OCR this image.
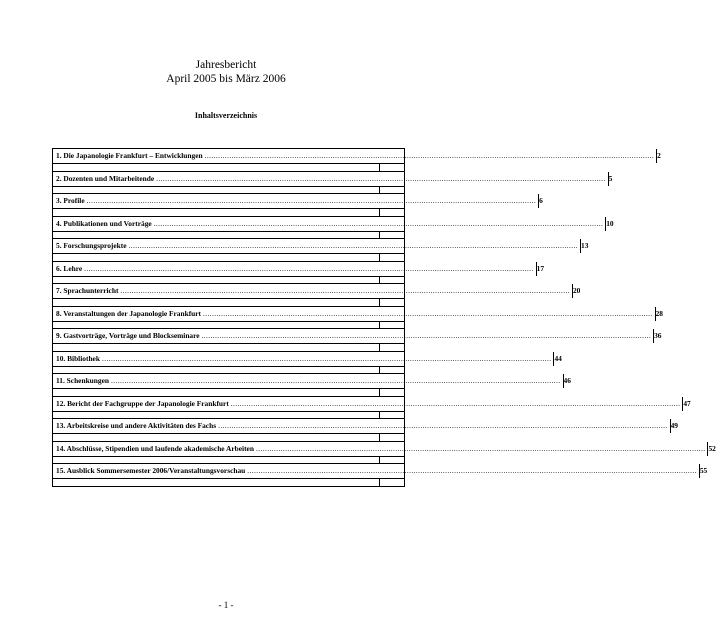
Jahresbericht
April 2005 bis März 2006
Inhaltsverzeichnis
1. Die Japanologie Frankfurt – Entwicklungen ........................................................................................................................................................................................................ 2
2. Dozenten und Mitarbeitende ........................................................................................................................................................................................................ 5
3. Profile ........................................................................................................................................................................................................ 6
4. Publikationen und Vorträge ........................................................................................................................................................................................................ 10
5. Forschungsprojekte ........................................................................................................................................................................................................ 13
6. Lehre ........................................................................................................................................................................................................ 17
7. Sprachunterricht ........................................................................................................................................................................................................ 20
8. Veranstaltungen der Japanologie Frankfurt ........................................................................................................................................................................................................ 28
9. Gastvorträge, Vorträge und Blockseminare ........................................................................................................................................................................................................ 36
10. Bibliothek ........................................................................................................................................................................................................ 44
11. Schenkungen ........................................................................................................................................................................................................ 46
12. Bericht der Fachgruppe der Japanologie Frankfurt ........................................................................................................................................................................................................ 47
13. Arbeitskreise und andere Aktivitäten des Fachs ........................................................................................................................................................................................................ 49
14. Abschlüsse, Stipendien und laufende akademische Arbeiten ........................................................................................................................................................................................................ 52
15. Ausblick Sommersemester 2006/Veranstaltungsvorschau ........................................................................................................................................................................................................ 55
- 1 -
